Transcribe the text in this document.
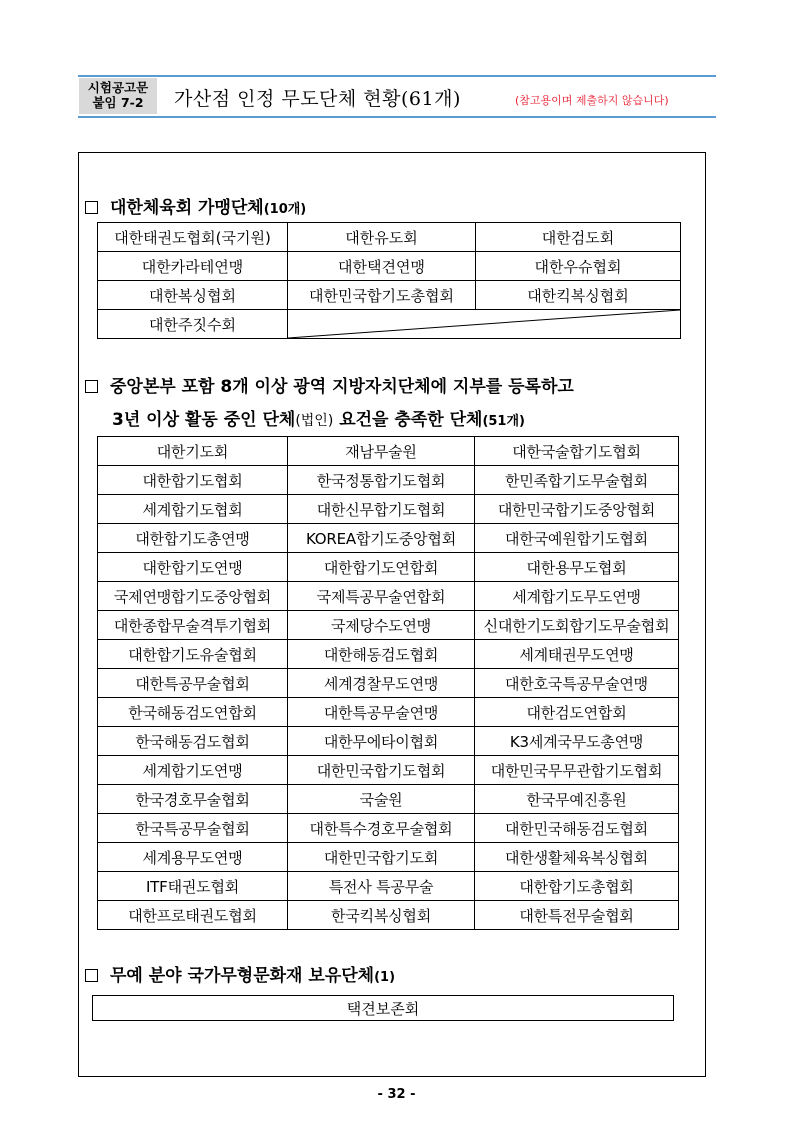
시험공고문
붙임 7-2	가산점 인정 무도단체 현황(61개)	(참고용이며 제출하지 않습니다)
대한체육회 가맹단체(10개)
대한태권도협회(국기원)	대한유도회	대한검도회
대한카라테연맹	대한택견연맹	대한우슈협회
대한복싱협회	대한민국합기도총협회	대한킥복싱협회
대한주짓수회	
중앙본부 포함 8개 이상 광역 지방자치단체에 지부를 등록하고
3년 이상 활동 중인 단체(법인) 요건을 충족한 단체(51개)
대한기도회	재남무술원	대한국술합기도협회
대한합기도협회	한국정통합기도협회	한민족합기도무술협회
세계합기도협회	대한신무합기도협회	대한민국합기도중앙협회
대한합기도총연맹	KOREA합기도중앙협회	대한국예원합기도협회
대한합기도연맹	대한합기도연합회	대한용무도협회
국제연맹합기도중앙협회	국제특공무술연합회	세계합기도무도연맹
대한종합무술격투기협회	국제당수도연맹	신대한기도회합기도무술협회
대한합기도유술협회	대한해동검도협회	세계태권무도연맹
대한특공무술협회	세계경찰무도연맹	대한호국특공무술연맹
한국해동검도연합회	대한특공무술연맹	대한검도연합회
한국해동검도협회	대한무에타이협회	K3세계국무도총연맹
세계합기도연맹	대한민국합기도협회	대한민국무무관합기도협회
한국경호무술협회	국술원	한국무예진흥원
한국특공무술협회	대한특수경호무술협회	대한민국해동검도협회
세계용무도연맹	대한민국합기도회	대한생활체육복싱협회
ITF태권도협회	특전사 특공무술	대한합기도총협회
대한프로태권도협회	한국킥복싱협회	대한특전무술협회
무예 분야 국가무형문화재 보유단체(1)
택견보존회
- 32 -
